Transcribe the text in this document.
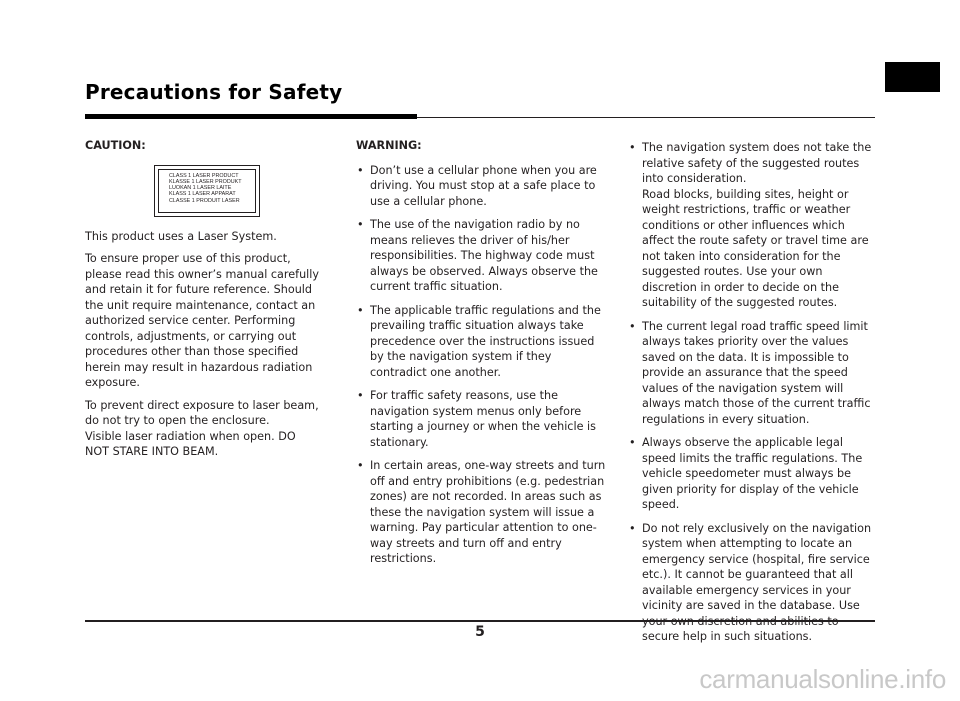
Precautions for Safety

CAUTION:

CLASS 1 LASER PRODUCT
KLASSE 1 LASER PRODUKT
LUOKAN 1 LASER LAITE
KLASS 1 LASER APPARAT
CLASSE 1 PRODUIT LASER

This product uses a Laser System.

To ensure proper use of this product, please read this owner’s manual carefully and retain it for future reference. Should the unit require maintenance, contact an authorized service center. Performing controls, adjustments, or carrying out procedures other than those specified herein may result in hazardous radiation exposure.

To prevent direct exposure to laser beam, do not try to open the enclosure.

Visible laser radiation when open. DO NOT STARE INTO BEAM.

WARNING:

• Don’t use a cellular phone when you are driving. You must stop at a safe place to use a cellular phone.
• The use of the navigation radio by no means relieves the driver of his/her responsibilities. The highway code must always be observed. Always observe the current traffic situation.
• The applicable traffic regulations and the prevailing traffic situation always take precedence over the instructions issued by the navigation system if they contradict one another.
• For traffic safety reasons, use the navigation system menus only before starting a journey or when the vehicle is stationary.
• In certain areas, one-way streets and turn off and entry prohibitions (e.g. pedestrian zones) are not recorded. In areas such as these the navigation system will issue a warning. Pay particular attention to one-way streets and turn off and entry restrictions.
• The navigation system does not take the relative safety of the suggested routes into consideration.
Road blocks, building sites, height or weight restrictions, traffic or weather conditions or other influences which affect the route safety or travel time are not taken into consideration for the suggested routes. Use your own discretion in order to decide on the suitability of the suggested routes.
• The current legal road traffic speed limit always takes priority over the values saved on the data. It is impossible to provide an assurance that the speed values of the navigation system will always match those of the current traffic regulations in every situation.
• Always observe the applicable legal speed limits the traffic regulations. The vehicle speedometer must always be given priority for display of the vehicle speed.
• Do not rely exclusively on the navigation system when attempting to locate an emergency service (hospital, fire service etc.). It cannot be guaranteed that all available emergency services in your vicinity are saved in the database. Use secure help in such situations.
5
carmanualsonline.info
